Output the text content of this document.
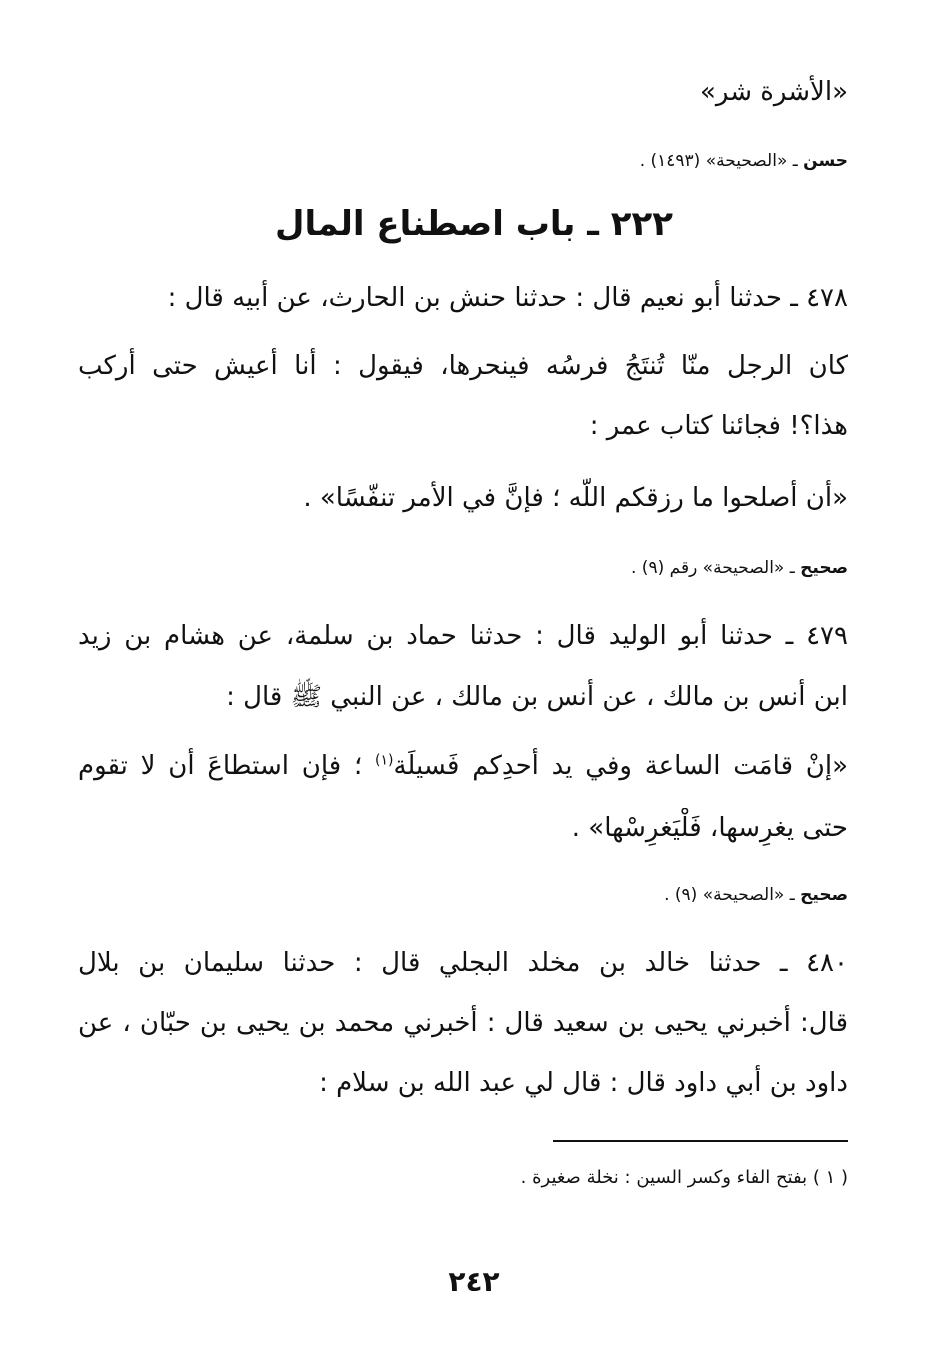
«الأشرة شر»
حسن ـ «الصحيحة» (١٤٩٣) .
٢٢٢ ـ باب اصطناع المال
٤٧٨ ـ حدثنا أبو نعيم قال : حدثنا حنش بن الحارث، عن أبيه قال :
كان الرجل منّا تُنتَجُ فرسُه فينحرها، فيقول : أنا أعيش حتى أركب
هذا؟! فجائنا كتاب عمر :
«أن أصلحوا ما رزقكم اللّه ؛ فإنَّ في الأمر تنفّسًا» .
صحيح ـ «الصحيحة» رقم (٩) .
٤٧٩ ـ حدثنا أبو الوليد قال : حدثنا حماد بن سلمة، عن هشام بن زيد
ابن أنس بن مالك ، عن أنس بن مالك ، عن النبي ﷺ قال :
«إنْ قامَت الساعة وفي يد أحدِكم فَسيلَة$^{(١)}$ ؛ فإن استطاعَ أن لا تقوم
حتى يغرِسها، فَلْيَغرِسْها» .
صحيح ـ «الصحيحة» (٩) .
٤٨٠ ـ حدثنا خالد بن مخلد البجلي قال : حدثنا سليمان بن بلال
قال: أخبرني يحيى بن سعيد قال : أخبرني محمد بن يحيى بن حبّان ، عن
داود بن أبي داود قال : قال لي عبد الله بن سلام :
( ١ ) بفتح الفاء وكسر السين : نخلة صغيرة .
٢٤٢
